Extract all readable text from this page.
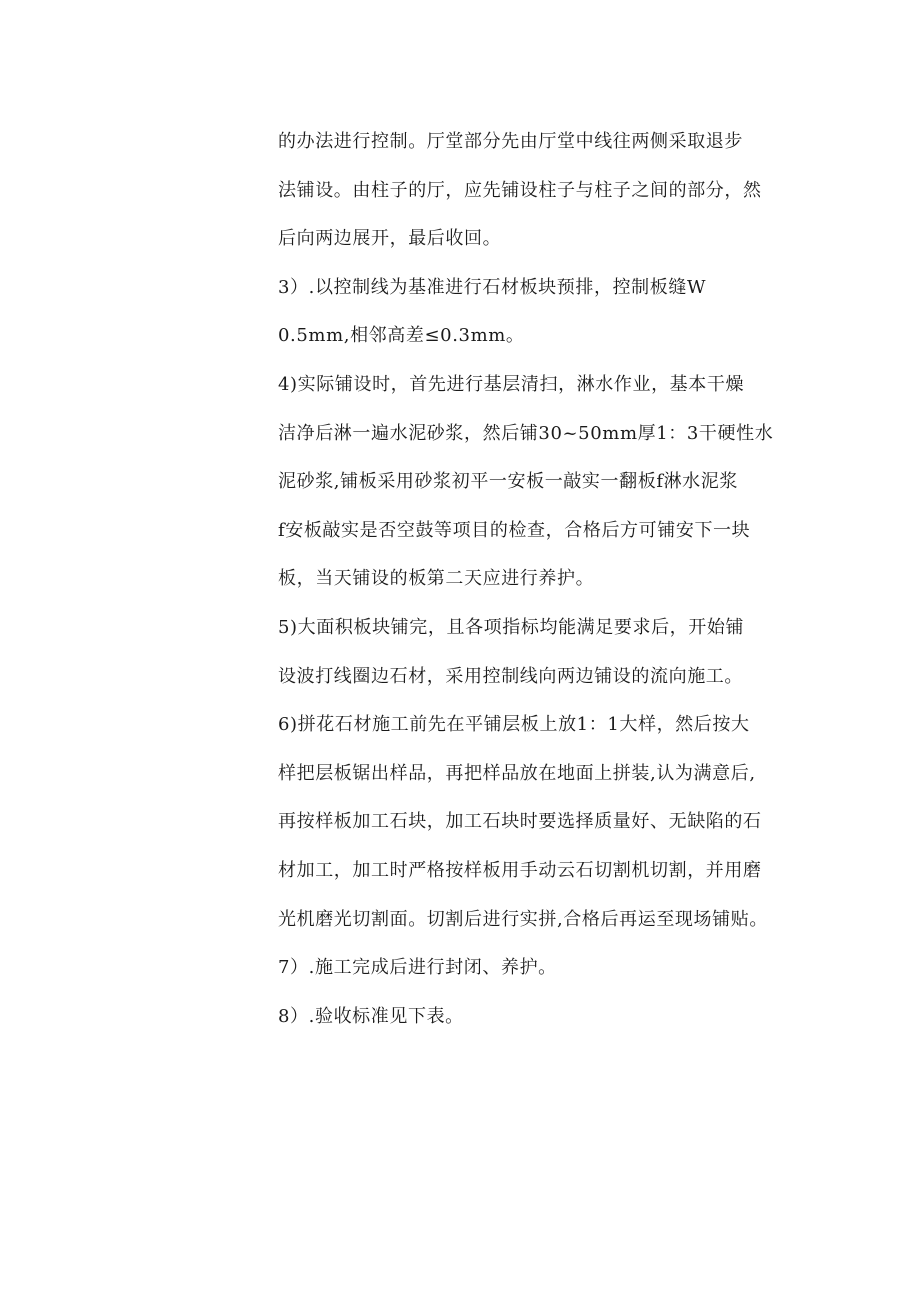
的办法进行控制。厅堂部分先由厅堂中线往两侧采取退步
法铺设。由柱子的厅，应先铺设柱子与柱子之间的部分，然
后向两边展开，最后收回。
3）.以控制线为基准进行石材板块预排，控制板缝W
0.5mm,相邻高差≤0.3mm。
4)实际铺设时，首先进行基层清扫，淋水作业，基本干燥
洁净后淋一遍水泥砂浆，然后铺30~50mm厚1：3干硬性水
泥砂浆,铺板采用砂浆初平一安板一敲实一翻板f淋水泥浆
f安板敲实是否空鼓等项目的检查，合格后方可铺安下一块
板，当天铺设的板第二天应进行养护。
5)大面积板块铺完，且各项指标均能满足要求后，开始铺
设波打线圈边石材，采用控制线向两边铺设的流向施工。
6)拼花石材施工前先在平铺层板上放1：1大样，然后按大
样把层板锯出样品，再把样品放在地面上拼装,认为满意后,
再按样板加工石块，加工石块时要选择质量好、无缺陷的石
材加工，加工时严格按样板用手动云石切割机切割，并用磨
光机磨光切割面。切割后进行实拼,合格后再运至现场铺贴。
7）.施工完成后进行封闭、养护。
8）.验收标准见下表。
